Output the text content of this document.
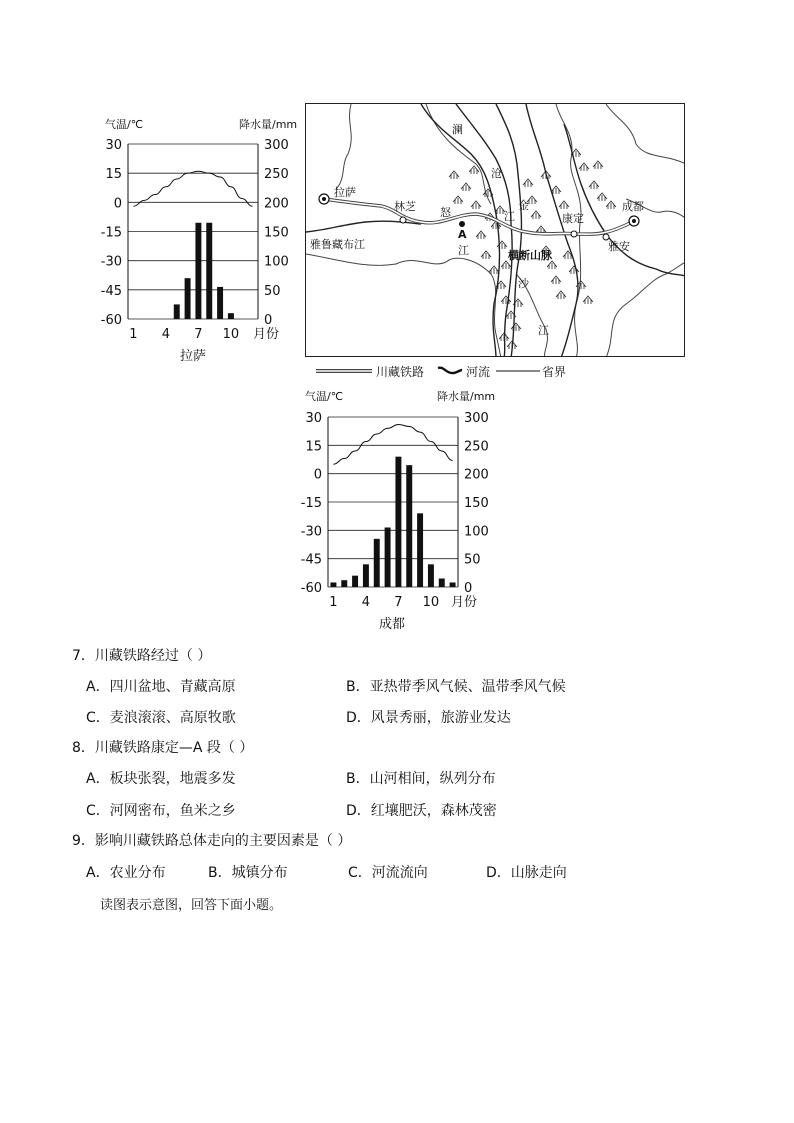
气温/℃	降水量/mm
30
15
0
-15
-30
-45
-60
300
250
200
150
100
50
0
1 4 7 10 月份
拉萨
拉萨
林芝 怒
A
江
澜
沧
金
江
沙
江
康定
成都
雅安
横断山脉
雅鲁藏布江
川藏铁路	河流	省界
气温/℃	降水量/mm
30
15
0
-15
-30
-45
-60
300
250
200
150
100
50
0
1 4 7 10 月份
成都
7．川藏铁路经过（ ）
A．四川盆地、青藏高原	B．亚热带季风气候、温带季风气候
C．麦浪滚滚、高原牧歌	D．风景秀丽，旅游业发达
8．川藏铁路康定—A 段（ ）
A．板块张裂，地震多发	B．山河相间，纵列分布
C．河网密布，鱼米之乡	D．红壤肥沃，森林茂密
9．影响川藏铁路总体走向的主要因素是（ ）
A．农业分布	B．城镇分布	C．河流流向	D．山脉走向
读图表示意图，回答下面小题。
